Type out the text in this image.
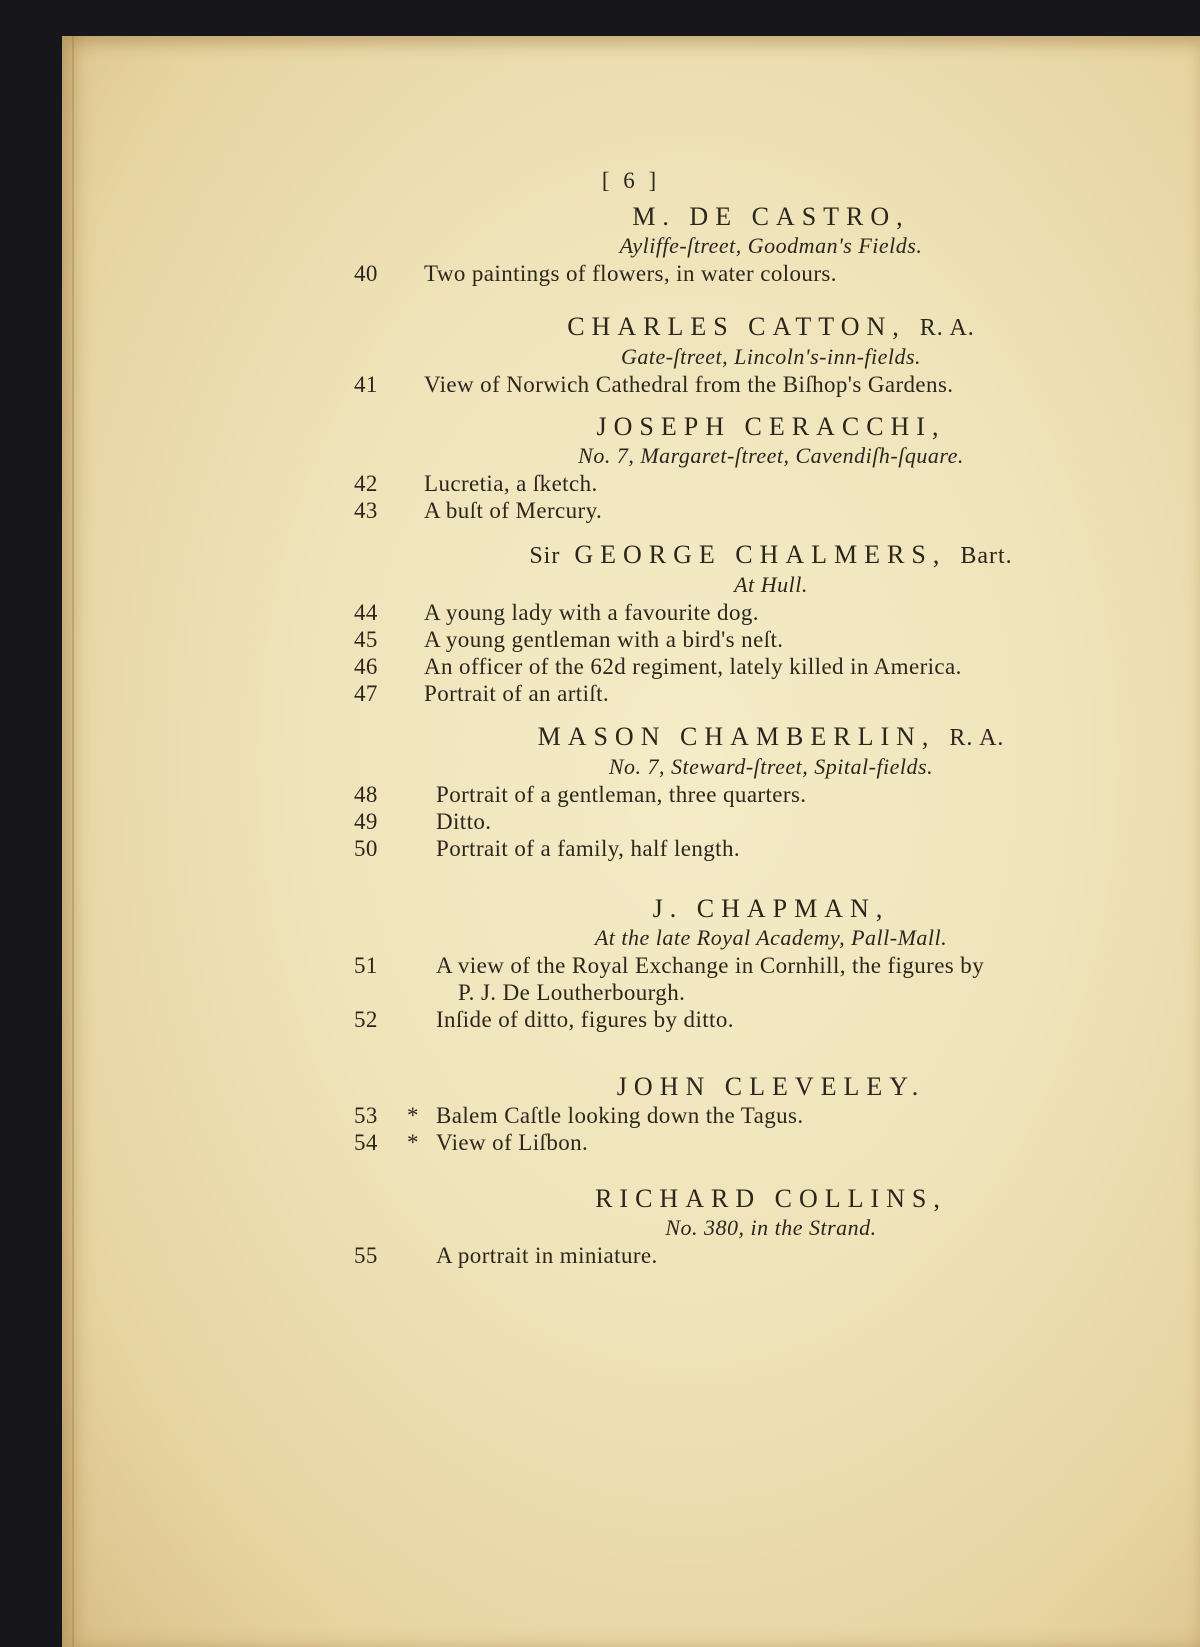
[ 6 ]
M. DE CASTRO,
Ayliffe-ſtreet, Goodman's Fields.
40	Two paintings of flowers, in water colours.
CHARLES CATTON, R. A.
Gate-ſtreet, Lincoln's-inn-fields.
41	View of Norwich Cathedral from the Biſhop's Gardens.
JOSEPH CERACCHI,
No. 7, Margaret-ſtreet, Cavendiſh-ſquare.
42	Lucretia, a ſketch.
43	A buſt of Mercury.
Sir GEORGE CHALMERS, Bart.
At Hull.
44	A young lady with a favourite dog.
45	A young gentleman with a bird's neſt.
46	An officer of the 62d regiment, lately killed in America.
47	Portrait of an artiſt.
MASON CHAMBERLIN, R. A.
No. 7, Steward-ſtreet, Spital-fields.
48	Portrait of a gentleman, three quarters.
49	Ditto.
50	Portrait of a family, half length.
J. CHAPMAN,
At the late Royal Academy, Pall-Mall.
51	A view of the Royal Exchange in Cornhill, the figures by
P. J. De Loutherbourgh.
52	Inſide of ditto, figures by ditto.
JOHN CLEVELEY.
53	* Balem Caſtle looking down the Tagus.
54	* View of Liſbon.
RICHARD COLLINS,
No. 380, in the Strand.
55	A portrait in miniature.
